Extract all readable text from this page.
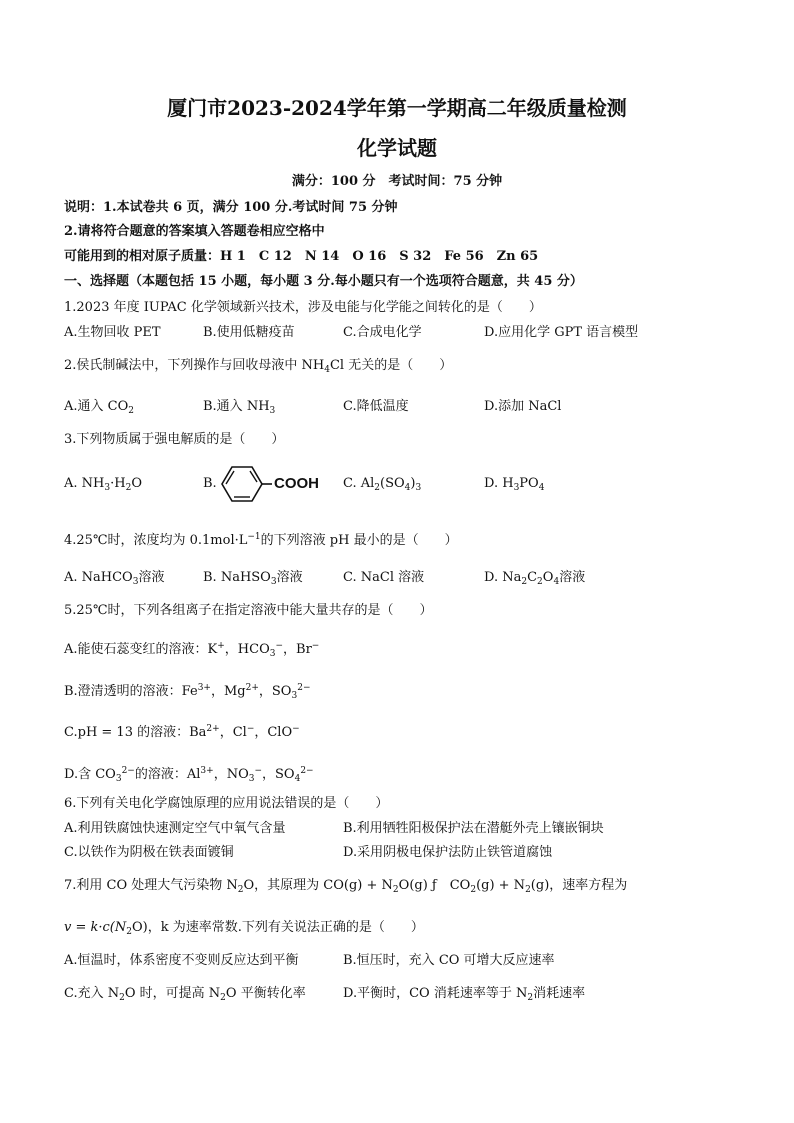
厦门市2023-2024学年第一学期高二年级质量检测
化学试题
满分：100 分　考试时间：75 分钟
说明：1.本试卷共 6 页，满分 100 分.考试时间 75 分钟
2.请将符合题意的答案填入答题卷相应空格中
可能用到的相对原子质量：H 1　C 12　N 14　O 16　S 32　Fe 56　Zn 65
一、选择题（本题包括 15 小题，每小题 3 分.每小题只有一个选项符合题意，共 45 分）
1.2023 年度 IUPAC 化学领域新兴技术，涉及电能与化学能之间转化的是（　　）
A.生物回收 PET	B.使用低糖疫苗	C.合成电化学	D.应用化学 GPT 语言模型
2.侯氏制碱法中，下列操作与回收母液中 $NH_4Cl$ 无关的是（　　）
A.通入 $CO_2$	B.通入 $NH_3$	C.降低温度	D.添加 NaCl
3.下列物质属于强电解质的是（　　）
A. $NH_3\cdot H_2O$	B.	COOH C. $Al_2(SO_4)_3$	D. $H_3PO_4$
4.25℃时，浓度均为 $0.1mol\cdot L^{-1}$的下列溶液 pH 最小的是（　　）
A. NaHCO$_3$溶液	B. NaHSO$_3$溶液	C. NaCl 溶液	D. $Na_2C_2O_4$溶液
5.25℃时，下列各组离子在指定溶液中能大量共存的是（　　）
A.能使石蕊变红的溶液：K+，$HCO_3^-$，Br−
B.澄清透明的溶液：$Fe^{3+}$，$Mg^{2+}$，$SO_3^{2-}$
C.pH = 13 的溶液：$Ba^{2+}$，Cl−，ClO−
D.含 $CO_3^{2-}$的溶液：$Al^{3+}$，$NO_3^-$，$SO_4^{2-}$
6.下列有关电化学腐蚀原理的应用说法错误的是（　　）
A.利用铁腐蚀快速测定空气中氧气含量	B.利用牺牲阳极保护法在潜艇外壳上镶嵌铜块
C.以铁作为阴极在铁表面镀铜	D.采用阴极电保护法防止铁管道腐蚀
7.利用 CO 处理大气污染物 $N_2O$，其原理为 $CO(g) + N_2O(g)$ ƒ　$CO_2(g) + N_2(g)$，速率方程为
$v = k\cdot c(N_2O)$，k 为速率常数.下列有关说法正确的是（　　）
A.恒温时，体系密度不变则反应达到平衡	B.恒压时，充入 CO 可增大反应速率
C.充入 $N_2O$ 时，可提高 $N_2O$ 平衡转化率	D.平衡时，CO 消耗速率等于 $N_2$消耗速率
